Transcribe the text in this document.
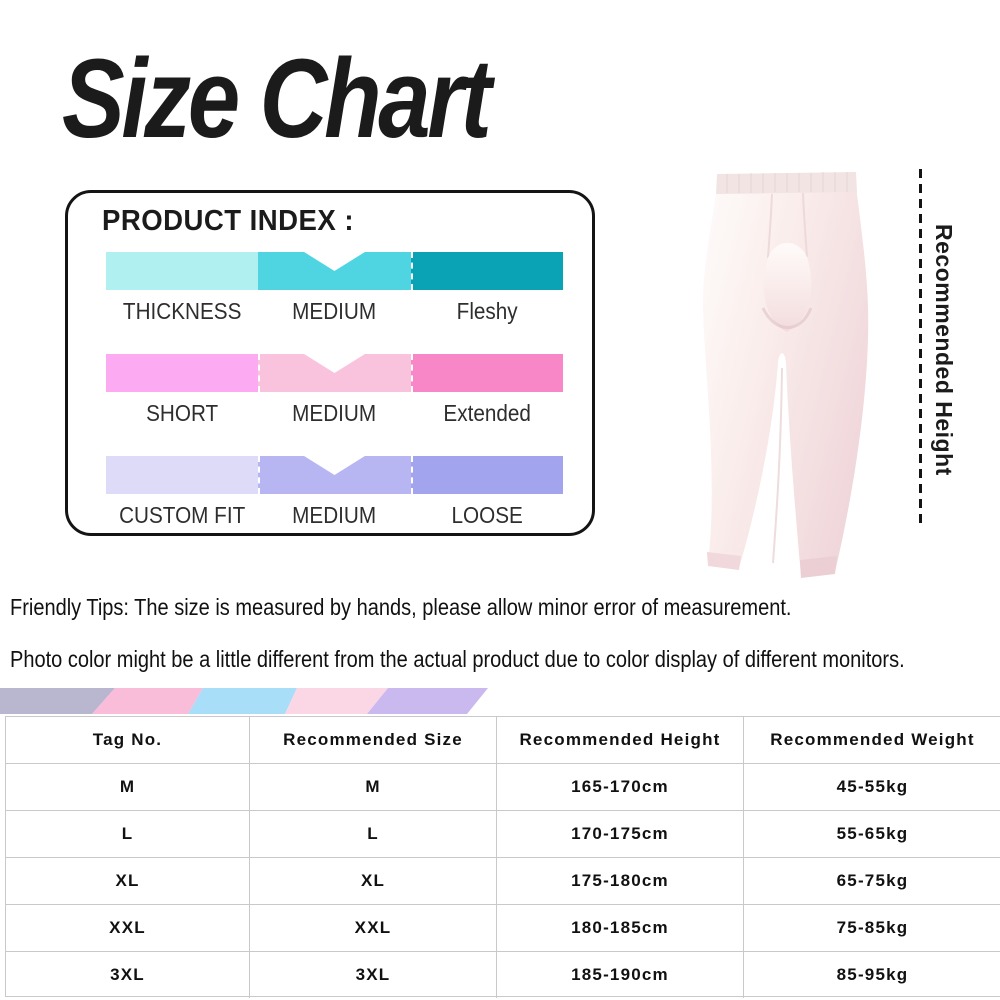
Size Chart

PRODUCT INDEX :

THICKNESS	MEDIUM	Fleshy
SHORT	MEDIUM	Extended
CUSTOM FIT	MEDIUM	LOOSE
Recommended Height

Friendly Tips: The size is measured by hands, please allow minor error of measurement.

Photo color might be a little different from the actual product due to color display of different monitors.

Tag No.	Recommended Size	Recommended Height	Recommended Weight
M	M	165-170cm	45-55kg
L	L	170-175cm	55-65kg
XL	XL	175-180cm	65-75kg
XXL	XXL	180-185cm	75-85kg
3XL	3XL	185-190cm	85-95kg
